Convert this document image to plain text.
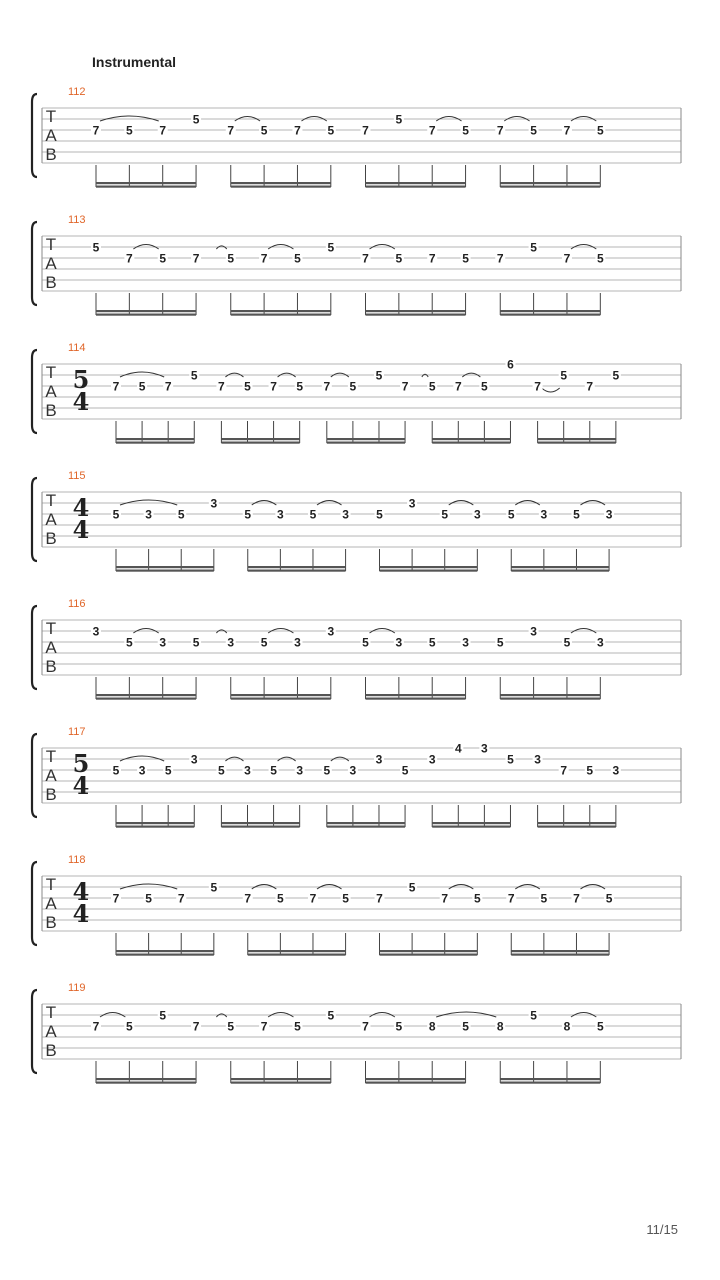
Instrumental
112
T
A
B
7 5 7
5
7 5 7 5 7
5
7 5 7 5 7 5
113
T
A
B
5
7 5 7 5 7 5
5
7 5 7 5 7
5
7 5
114
T
A
B
5
4
7 5 7
5
7 5 7 5 7 5
5
7 5 7 5
6
7
5
7
5
115
T
A
B
4
4
5 3 5
3
5 3 5 3 5
3
5 3 5 3 5 3
116
T
A
B
3
5 3 5 3 5 3
3
5 3 5 3 5
3
5 3
117
T
A
B
5
4
5 3 5
3
5 3 5 3 5 3
3
5
3
4 3
5 3
7 5 3
118
T
A
B
4
4
7 5 7
5
7 5 7 5 7
5
7 5 7 5 7 5
119
T
A
B
7 5
5
7 5 7 5
5
7 5 8 5 8
5
8 5
11/15
